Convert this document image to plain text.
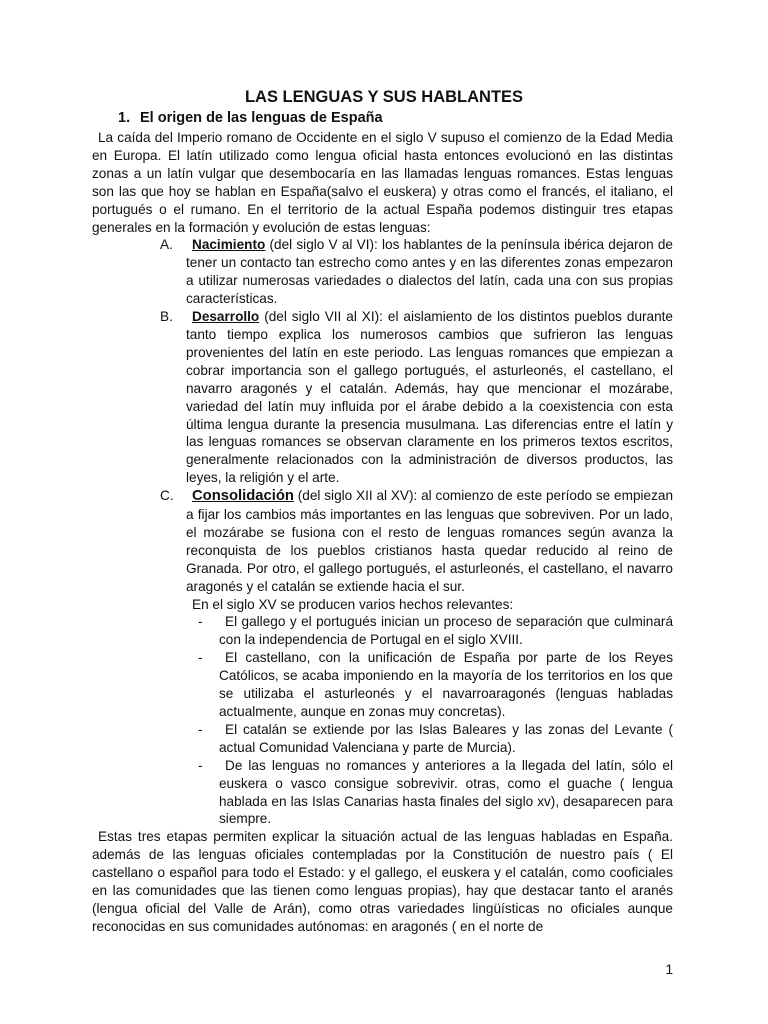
LAS LENGUAS Y SUS HABLANTES
1. El origen de las lenguas de España

La caída del Imperio romano de Occidente en el siglo V supuso el comienzo de la Edad Media en Europa. El latín utilizado como lengua oficial hasta entonces evolucionó en las distintas zonas a un latín vulgar que desembocaría en las llamadas lenguas romances. Estas lenguas son las que hoy se hablan en España(salvo el euskera) y otras como el francés, el italiano, el portugués o el rumano. En el territorio de la actual España podemos distinguir tres etapas generales en la formación y evolución de estas lenguas:

A.	Nacimiento (del siglo V al VI): los hablantes de la península ibérica dejaron de tener un contacto tan estrecho como antes y en las diferentes zonas empezaron a utilizar numerosas variedades o dialectos del latín, cada una con sus propias características.

B.	Desarrollo (del siglo VII al XI): el aislamiento de los distintos pueblos durante tanto tiempo explica los numerosos cambios que sufrieron las lenguas provenientes del latín en este periodo. Las lenguas romances que empiezan a cobrar importancia son el gallego portugués, el asturleonés, el castellano, el navarro aragonés y el catalán. Además, hay que mencionar el mozárabe, variedad del latín muy influida por el árabe debido a la coexistencia con esta última lengua durante la presencia musulmana. Las diferencias entre el latín y las lenguas romances se observan claramente en los primeros textos escritos, generalmente relacionados con la administración de diversos productos, las leyes, la religión y el arte.

C.	Consolidación (del siglo XII al XV): al comienzo de este período se empiezan a fijar los cambios más importantes en las lenguas que sobreviven. Por un lado, el mozárabe se fusiona con el resto de lenguas romances según avanza la reconquista de los pueblos cristianos hasta quedar reducido al reino de Granada. Por otro, el gallego portugués, el asturleonés, el castellano, el navarro aragonés y el catalán se extiende hacia el sur.

En el siglo XV se producen varios hechos relevantes:

-	El gallego y el portugués inician un proceso de separación que culminará con la independencia de Portugal en el siglo XVIII.

-	El castellano, con la unificación de España por parte de los Reyes Católicos, se acaba imponiendo en la mayoría de los territorios en los que se utilizaba el asturleonés y el navarroaragonés (lenguas habladas actualmente, aunque en zonas muy concretas).

-	El catalán se extiende por las Islas Baleares y las zonas del Levante ( actual Comunidad Valenciana y parte de Murcia).

-	De las lenguas no romances y anteriores a la llegada del latín, sólo el euskera o vasco consigue sobrevivir. otras, como el guache ( lengua hablada en las Islas Canarias hasta finales del siglo xv), desaparecen para siempre.

Estas tres etapas permiten explicar la situación actual de las lenguas habladas en España. además de las lenguas oficiales contempladas por la Constitución de nuestro país ( El castellano o español para todo el Estado: y el gallego, el euskera y el catalán, como cooficiales en las comunidades que las tienen como lenguas propias), hay que destacar tanto el aranés (lengua oficial del Valle de Arán), como otras variedades lingüísticas no oficiales aunque reconocidas en sus comunidades autónomas: en aragonés ( en el norte de

1
